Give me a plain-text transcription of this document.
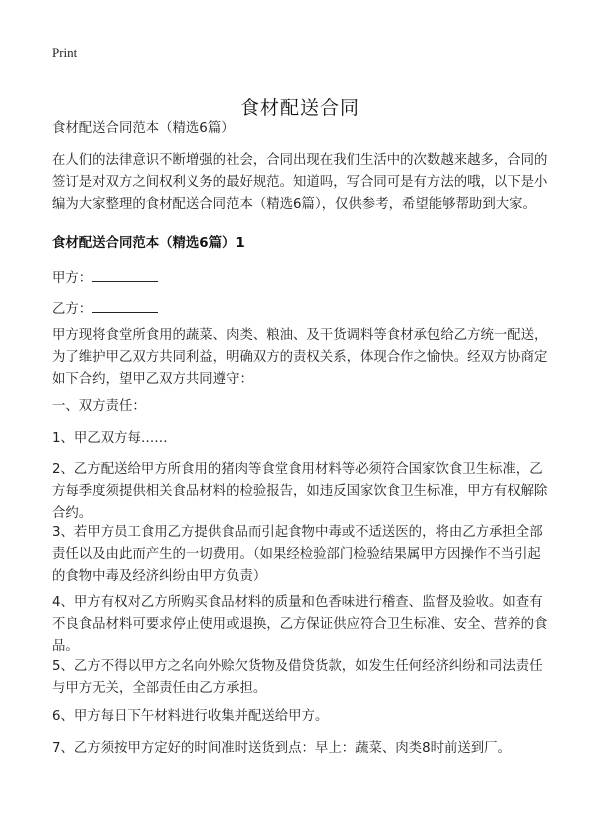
Print
食材配送合同

食材配送合同范本（精选6篇）

在人们的法律意识不断增强的社会，合同出现在我们生活中的次数越来越多，合同的签订是对双方之间权利义务的最好规范。知道吗，写合同可是有方法的哦，以下是小编为大家整理的食材配送合同范本（精选6篇），仅供参考，希望能够帮助到大家。

食材配送合同范本（精选6篇）1

甲方：

乙方：

甲方现将食堂所食用的蔬菜、肉类、粮油、及干货调料等食材承包给乙方统一配送，为了维护甲乙双方共同利益，明确双方的责权关系，体现合作之愉快。经双方协商定如下合约，望甲乙双方共同遵守：

一、双方责任：

1、甲乙双方每……

2、乙方配送给甲方所食用的猪肉等食堂食用材料等必须符合国家饮食卫生标准，乙方每季度须提供相关食品材料的检验报告，如违反国家饮食卫生标准，甲方有权解除合约。

3、若甲方员工食用乙方提供食品而引起食物中毒或不适送医的，将由乙方承担全部责任以及由此而产生的一切费用。（如果经检验部门检验结果属甲方因操作不当引起的食物中毒及经济纠纷由甲方负责）

4、甲方有权对乙方所购买食品材料的质量和色香味进行稽查、监督及验收。如查有不良食品材料可要求停止使用或退换，乙方保证供应符合卫生标准、安全、营养的食品。

5、乙方不得以甲方之名向外赊欠货物及借贷货款，如发生任何经济纠纷和司法责任与甲方无关，全部责任由乙方承担。

6、甲方每日下午材料进行收集并配送给甲方。

7、乙方须按甲方定好的时间准时送货到点：早上：蔬菜、肉类8时前送到厂。
